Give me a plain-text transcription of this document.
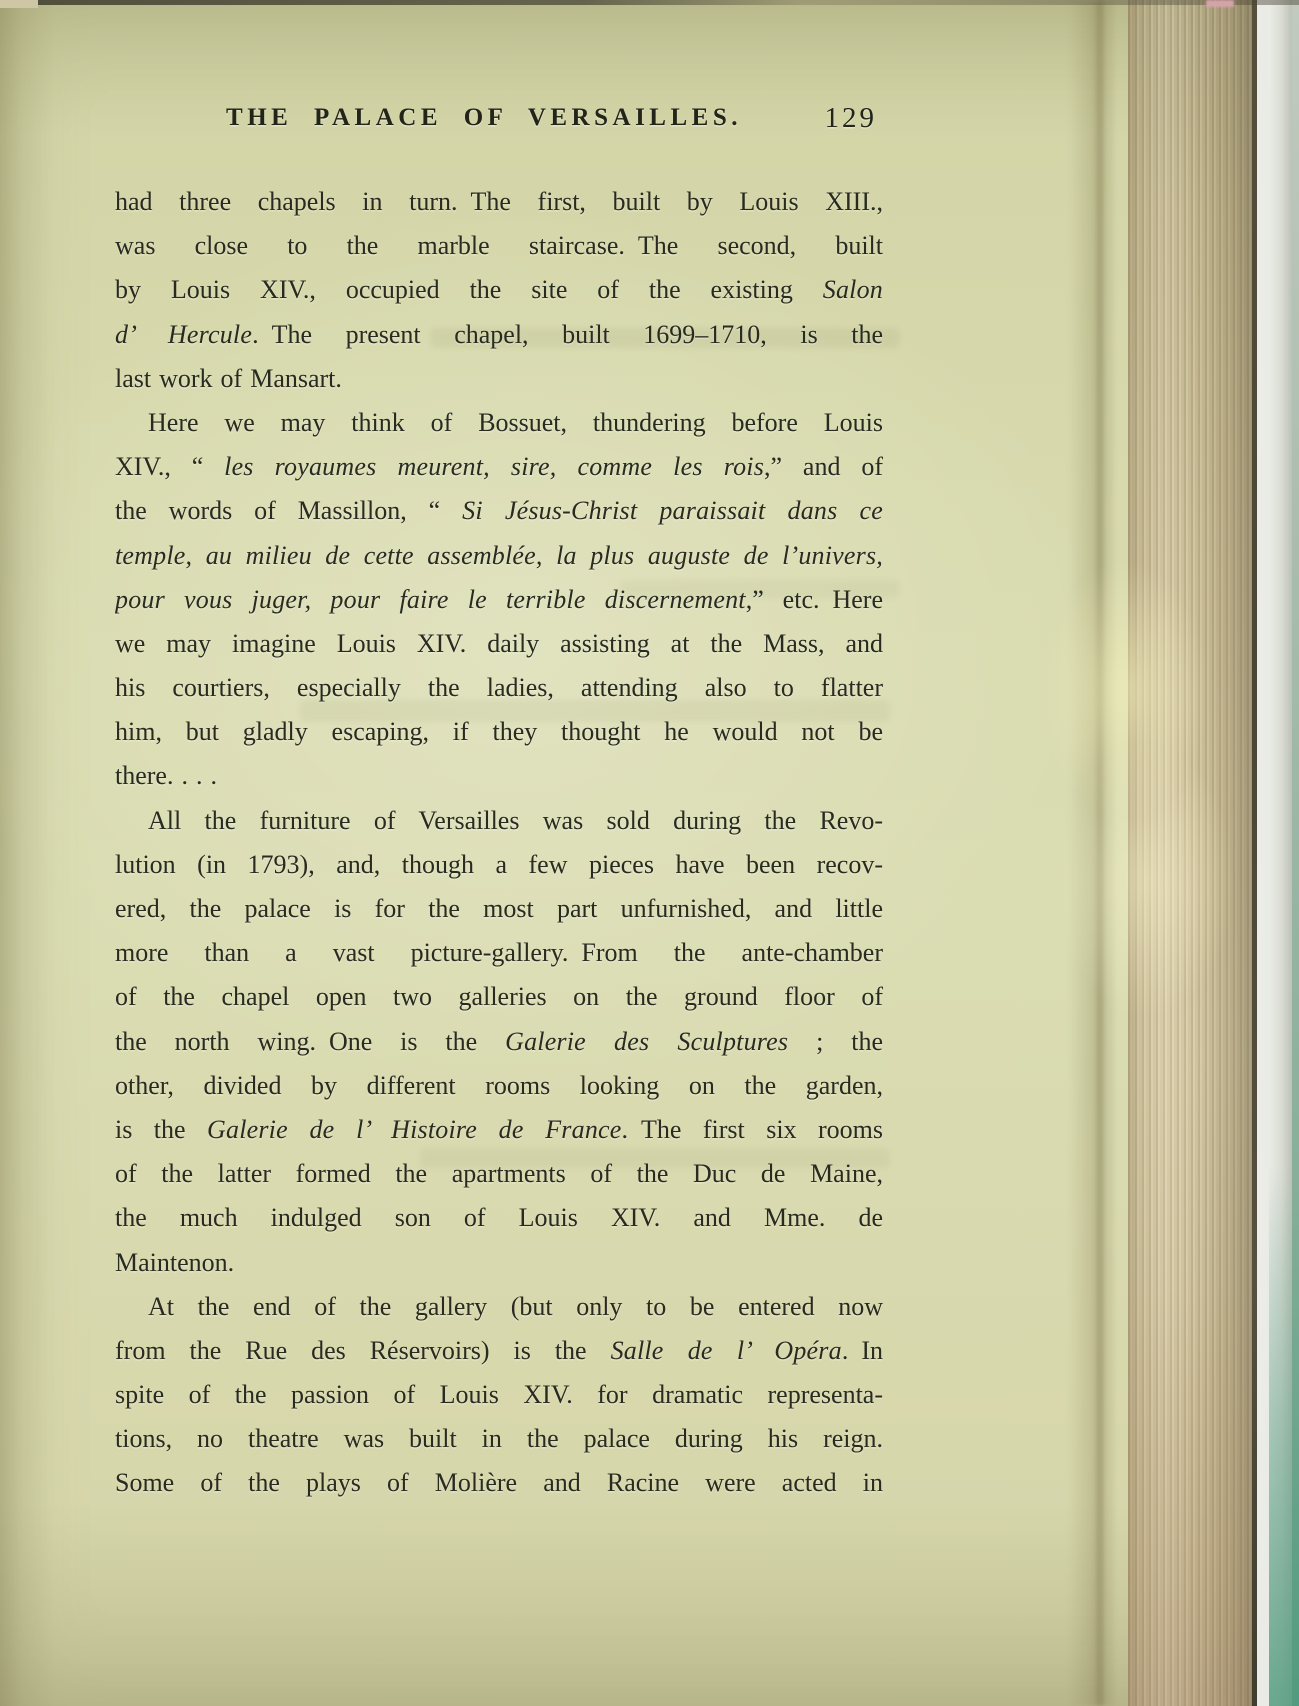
THE PALACE OF VERSAILLES.	129
had three chapels in turn. The first, built by Louis XIII.,
was close to the marble staircase. The second, built
by Louis XIV., occupied the site of the existing Salon
d’ Hercule. The present chapel, built 1699–1710, is the
last work of Mansart.
Here we may think of Bossuet, thundering before Louis
XIV., “ les royaumes meurent, sire, comme les rois,” and of
the words of Massillon, “ Si Jésus-Christ paraissait dans ce
temple, au milieu de cette assemblée, la plus auguste de l’univers,
pour vous juger, pour faire le terrible discernement,” etc. Here
we may imagine Louis XIV. daily assisting at the Mass, and
his courtiers, especially the ladies, attending also to flatter
him, but gladly escaping, if they thought he would not be
there. . . .
All the furniture of Versailles was sold during the Revo-
lution (in 1793), and, though a few pieces have been recov-
ered, the palace is for the most part unfurnished, and little
more than a vast picture-gallery. From the ante-chamber
of the chapel open two galleries on the ground floor of
the north wing. One is the Galerie des Sculptures ; the
other, divided by different rooms looking on the garden,
is the Galerie de l’ Histoire de France. The first six rooms
of the latter formed the apartments of the Duc de Maine,
the much indulged son of Louis XIV. and Mme. de
Maintenon.
At the end of the gallery (but only to be entered now
from the Rue des Réservoirs) is the Salle de l’ Opéra. In
spite of the passion of Louis XIV. for dramatic representa-
tions, no theatre was built in the palace during his reign.
Some of the plays of Molière and Racine were acted in
